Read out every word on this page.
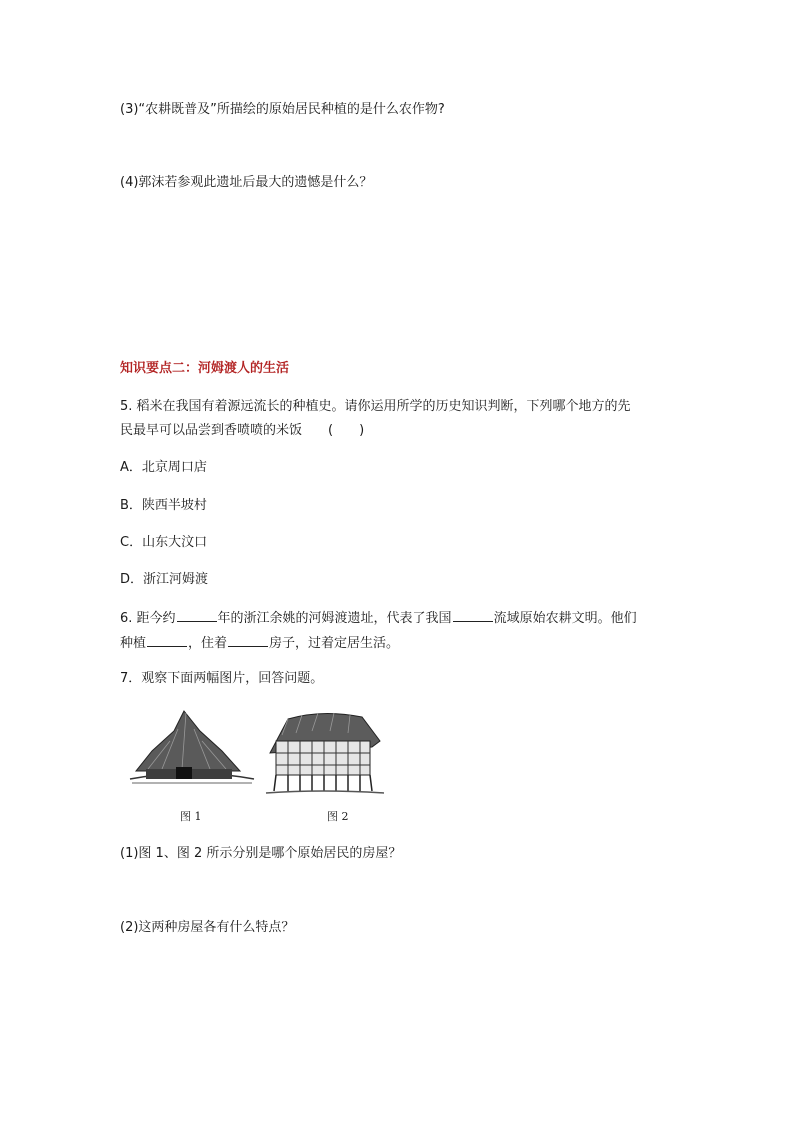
(3)“农耕既普及”所描绘的原始居民种植的是什么农作物?
(4)郭沫若参观此遗址后最大的遗憾是什么？
知识要点二：河姆渡人的生活
5. 稻米在我国有着源远流长的种植史。请你运用所学的历史知识判断，下列哪个地方的先
民最早可以品尝到香喷喷的米饭　　(　　)
A．北京周口店
B．陕西半坡村
C．山东大汶口
D．浙江河姆渡
6. 距今约	年的浙江余姚的河姆渡遗址，代表了我国	流域原始农耕文明。他们
种植	，住着	房子，过着定居生活。
7．观察下面两幅图片，回答问题。
图 1	图 2
(1)图 1、图 2 所示分别是哪个原始居民的房屋？
(2)这两种房屋各有什么特点？
